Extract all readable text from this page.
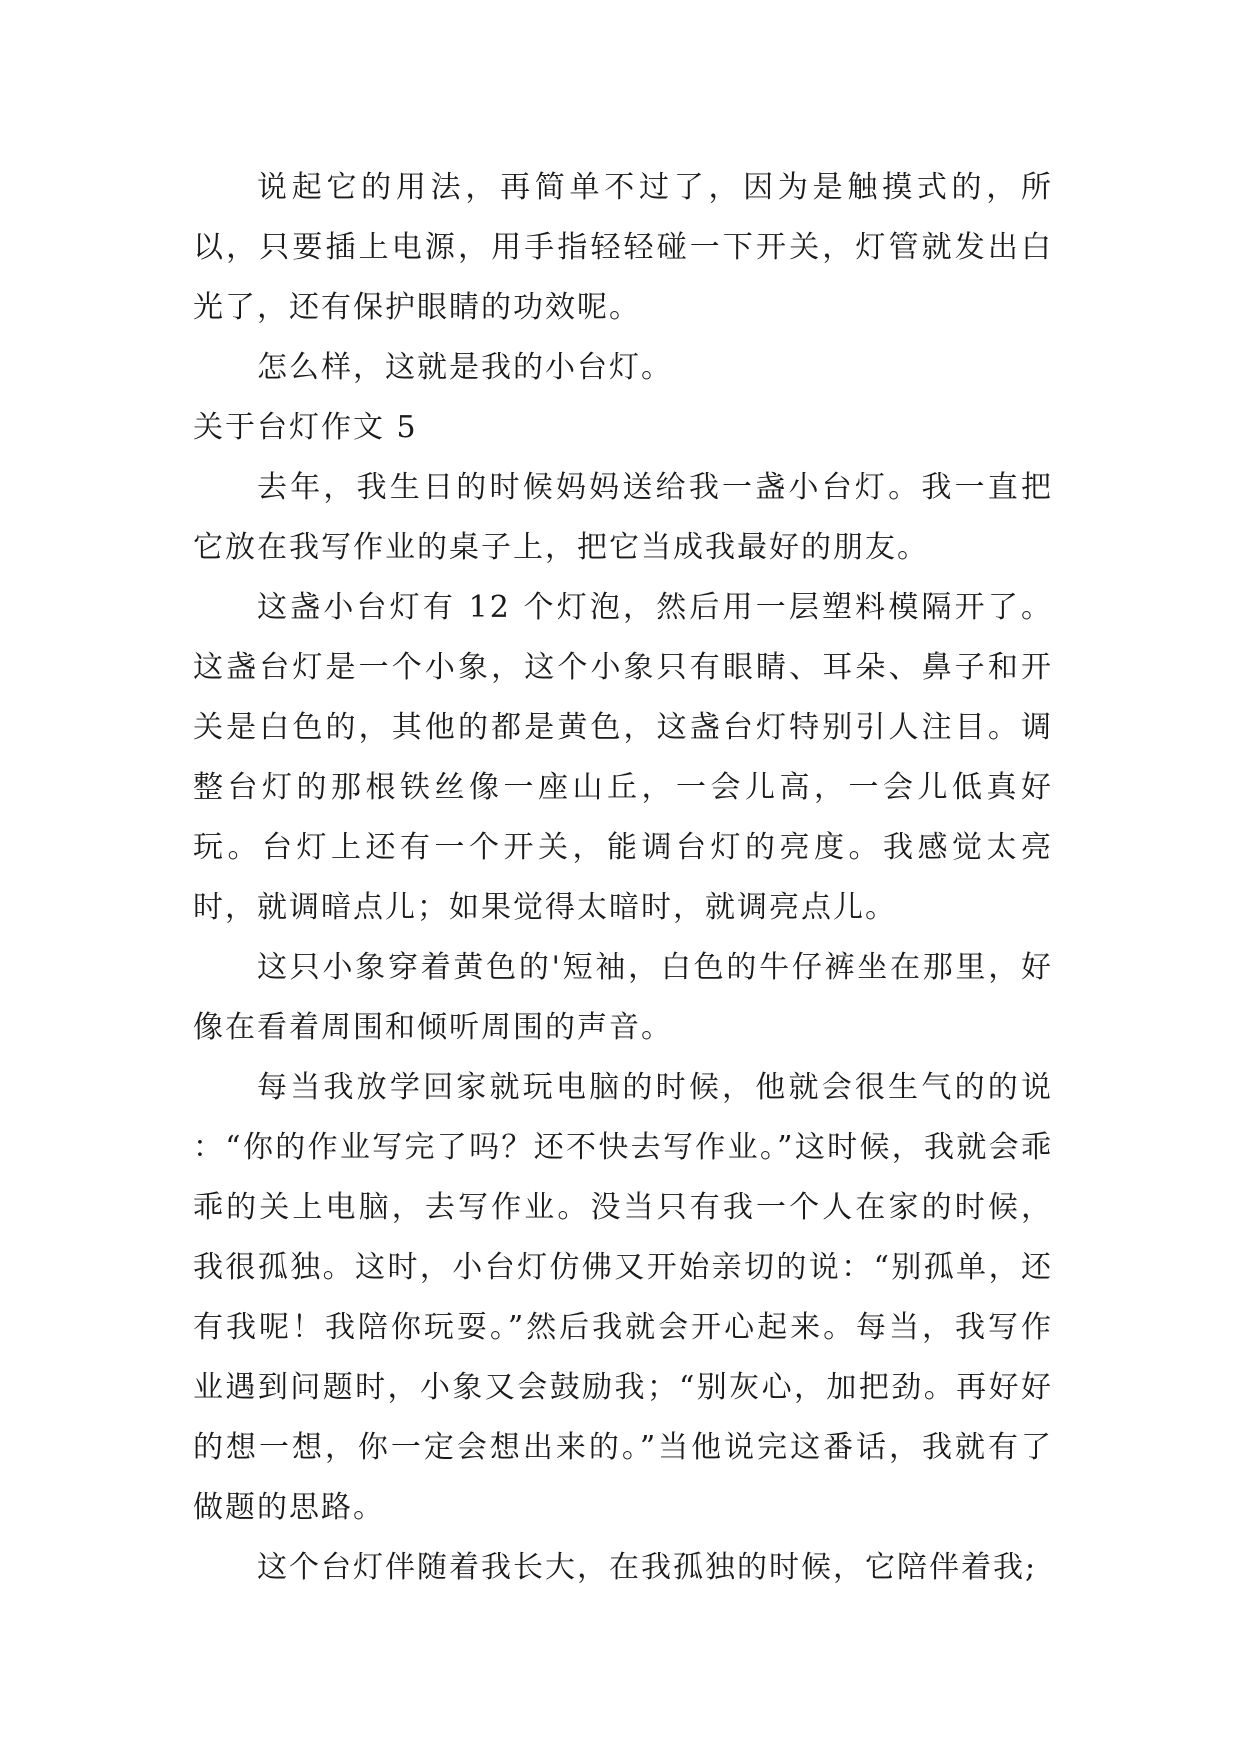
说起它的用法，再简单不过了，因为是触摸式的，所以，只要插上电源，用手指轻轻碰一下开关，灯管就发出白光了，还有保护眼睛的功效呢。

怎么样，这就是我的小台灯。

关于台灯作文 5

去年，我生日的时候妈妈送给我一盏小台灯。我一直把它放在我写作业的桌子上，把它当成我最好的朋友。

这盏小台灯有 12 个灯泡，然后用一层塑料模隔开了。这盏台灯是一个小象，这个小象只有眼睛、耳朵、鼻子和开关是白色的，其他的都是黄色，这盏台灯特别引人注目。调整台灯的那根铁丝像一座山丘，一会儿高，一会儿低真好玩。台灯上还有一个开关，能调台灯的亮度。我感觉太亮时，就调暗点儿；如果觉得太暗时，就调亮点儿。

这只小象穿着黄色的'短袖，白色的牛仔裤坐在那里，好像在看着周围和倾听周围的声音。

每当我放学回家就玩电脑的时候，他就会很生气的的说 ：“你的作业写完了吗？还不快去写作业。”这时候，我就会乖乖的关上电脑，去写作业。没当只有我一个人在家的时候，我很孤独。这时，小台灯仿佛又开始亲切的说：“别孤单，还有我呢！我陪你玩耍。”然后我就会开心起来。每当，我写作业遇到问题时，小象又会鼓励我；“别灰心，加把劲。再好好的想一想，你一定会想出来的。”当他说完这番话，我就有了做题的思路。

这个台灯伴随着我长大，在我孤独的时候，它陪伴着我;
